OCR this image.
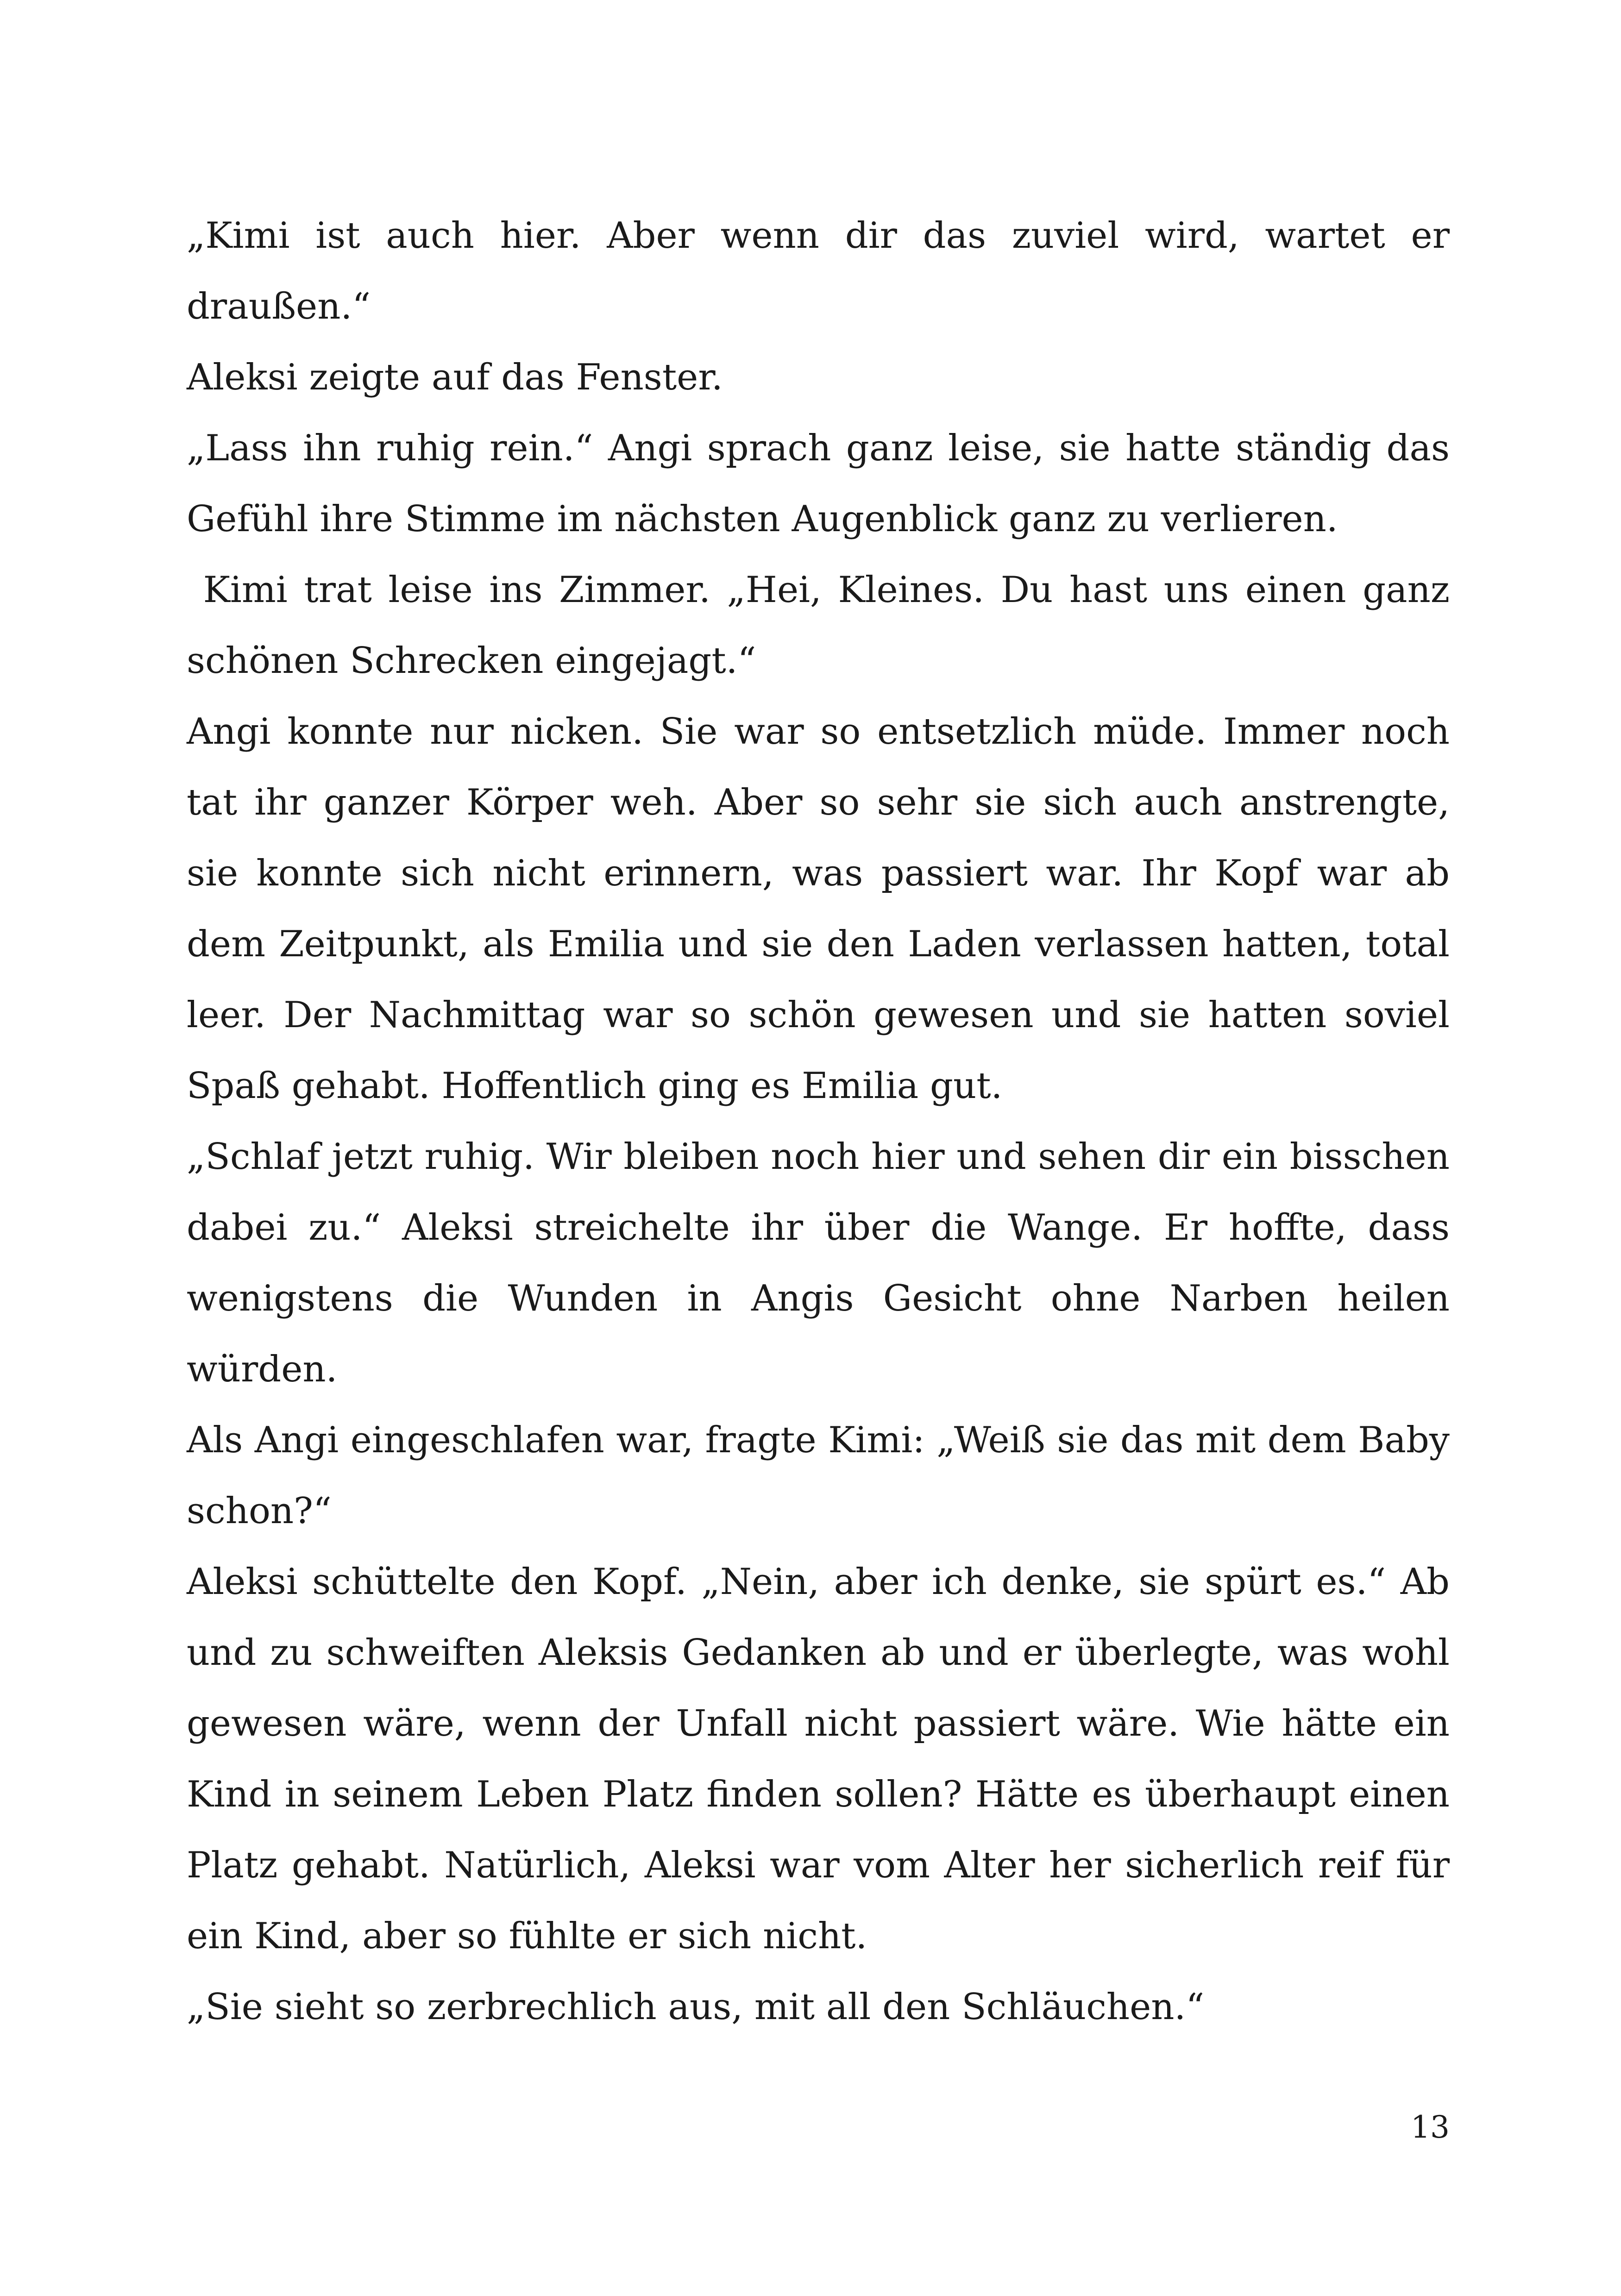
„Kimi ist auch hier. Aber wenn dir das zuviel wird, wartet er draußen.“

Aleksi zeigte auf das Fenster.

„Lass ihn ruhig rein.“ Angi sprach ganz leise, sie hatte ständig das Gefühl ihre Stimme im nächsten Augenblick ganz zu verlieren.

Kimi trat leise ins Zimmer. „Hei, Kleines. Du hast uns einen ganz schönen Schrecken eingejagt.“

Angi konnte nur nicken. Sie war so entsetzlich müde. Immer noch tat ihr ganzer Körper weh. Aber so sehr sie sich auch anstrengte, sie konnte sich nicht erinnern, was passiert war. Ihr Kopf war ab dem Zeitpunkt, als Emilia und sie den Laden verlassen hatten, total leer. Der Nachmittag war so schön gewesen und sie hatten soviel Spaß gehabt. Hoffentlich ging es Emilia gut.

„Schlaf jetzt ruhig. Wir bleiben noch hier und sehen dir ein bisschen dabei zu.“ Aleksi streichelte ihr über die Wange. Er hoffte, dass wenigstens die Wunden in Angis Gesicht ohne Narben heilen würden.

Als Angi eingeschlafen war, fragte Kimi: „Weiß sie das mit dem Baby schon?“

Aleksi schüttelte den Kopf. „Nein, aber ich denke, sie spürt es.“ Ab und zu schweiften Aleksis Gedanken ab und er überlegte, was wohl gewesen wäre, wenn der Unfall nicht passiert wäre. Wie hätte ein Kind in seinem Leben Platz finden sollen? Hätte es überhaupt einen Platz gehabt. Natürlich, Aleksi war vom Alter her sicherlich reif für ein Kind, aber so fühlte er sich nicht.

„Sie sieht so zerbrechlich aus, mit all den Schläuchen.“

13
